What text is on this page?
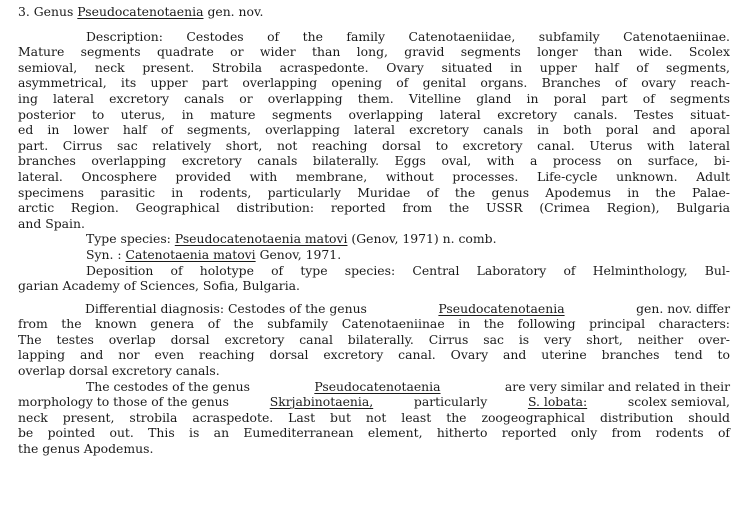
3. Genus Pseudocatenotaenia gen. nov.
Description: Cestodes of the family Catenotaeniidae, subfamily Catenotaeniinae.
Mature segments quadrate or wider than long, gravid segments longer than wide. Scolex
semioval, neck present. Strobila acraspedonte. Ovary situated in upper half of segments,
asymmetrical, its upper part overlapping opening of genital organs. Branches of ovary reach-
ing lateral excretory canals or overlapping them. Vitelline gland in poral part of segments
posterior to uterus, in mature segments overlapping lateral excretory canals. Testes situat-
ed in lower half of segments, overlapping lateral excretory canals in both poral and aporal
part. Cirrus sac relatively short, not reaching dorsal to excretory canal. Uterus with lateral
branches overlapping excretory canals bilaterally. Eggs oval, with a process on surface, bi-
lateral. Oncosphere provided with membrane, without processes. Life-cycle unknown. Adult
specimens parasitic in rodents, particularly Muridae of the genus Apodemus in the Palae-
arctic Region. Geographical distribution: reported from the USSR (Crimea Region), Bulgaria
and Spain.
Type species: Pseudocatenotaenia matovi (Genov, 1971) n. comb.
Syn. : Catenotaenia matovi Genov, 1971.
Deposition of holotype of type species: Central Laboratory of Helminthology, Bul-
garian Academy of Sciences, Sofia, Bulgaria.
Differential diagnosis: Cestodes of the genus	Pseudocatenotaenia	gen. nov. differ
from the known genera of the subfamily Catenotaeniinae in the following principal characters:
The testes overlap dorsal excretory canal bilaterally. Cirrus sac is very short, neither over-
lapping and nor even reaching dorsal excretory canal. Ovary and uterine branches tend to
overlap dorsal excretory canals.
The cestodes of the genus	Pseudocatenotaenia	are very similar and related in their
morphology to those of the genus	Skrjabinotaenia,	particularly	S. lobata:	scolex semioval,
neck present, strobila acraspedote. Last but not least the zoogeographical distribution should
be pointed out. This is an Eumediterranean element, hitherto reported only from rodents of
the genus Apodemus.
